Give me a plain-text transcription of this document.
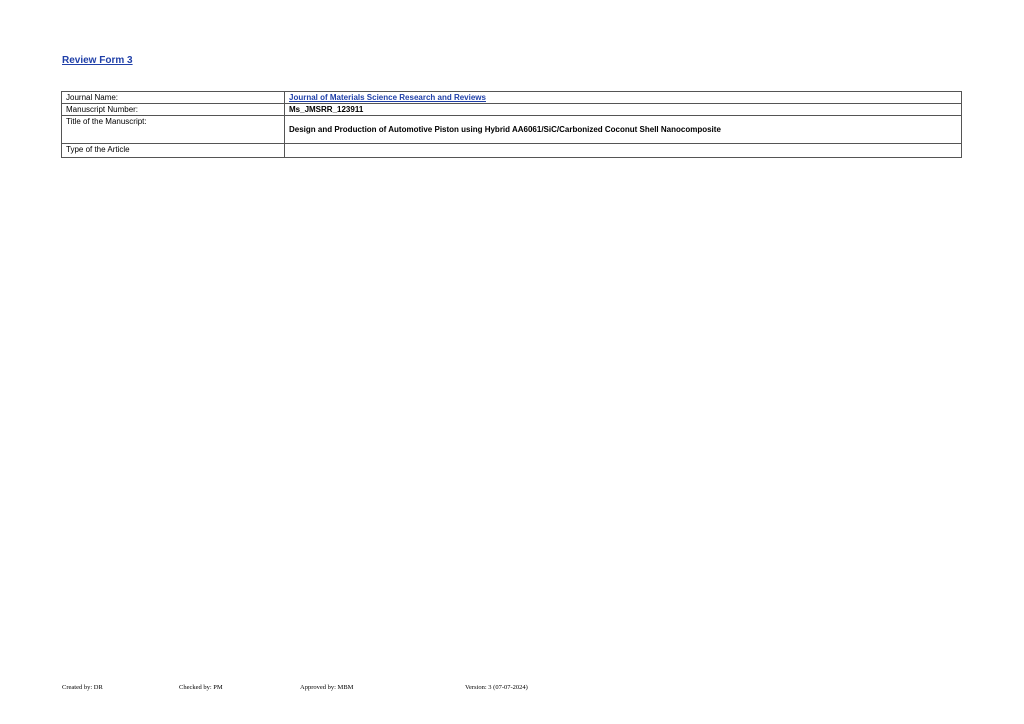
Review Form 3
Journal Name:	Journal of Materials Science Research and Reviews
Manuscript Number:	Ms_JMSRR_123911
Title of the Manuscript:	Design and Production of Automotive Piston using Hybrid AA6061/SiC/Carbonized Coconut Shell Nanocomposite

Type of the Article	
Created by: DR	Checked by: PM	Approved by: MBM	Version: 3 (07-07-2024)
